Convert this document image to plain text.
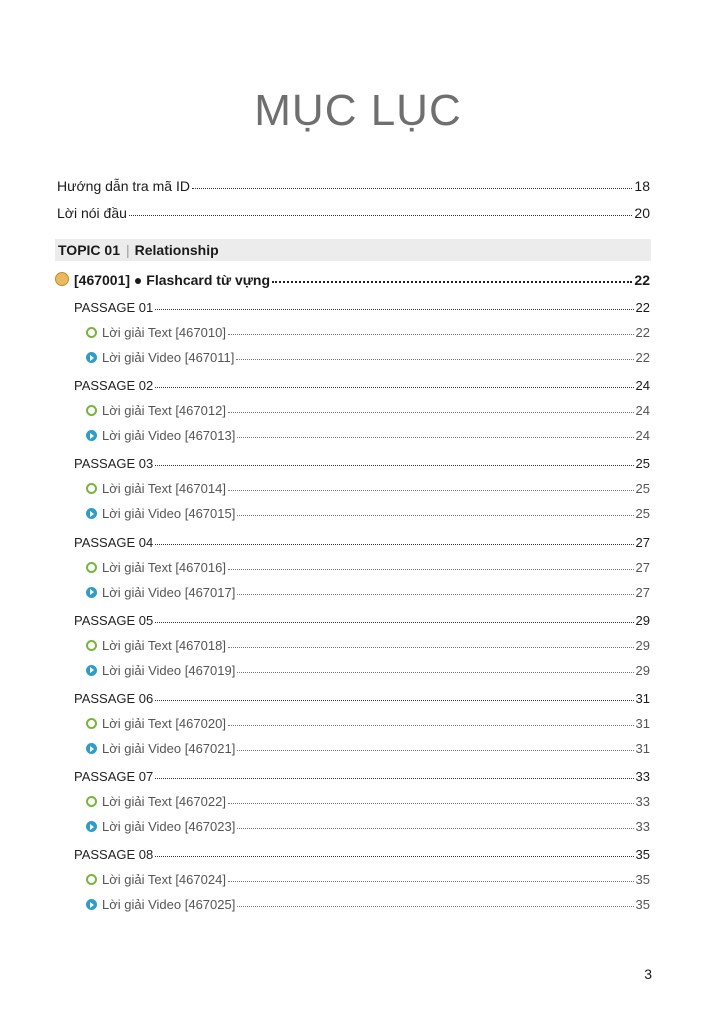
MỤC LỤC
Hướng dẫn tra mã ID	18
Lời nói đầu	20
TOPIC 01 | Relationship
[467001] ● Flashcard từ vựng	22
PASSAGE 01	22
Lời giải Text [467010]	22
Lời giải Video [467011]	22
PASSAGE 02	24
Lời giải Text [467012]	24
Lời giải Video [467013]	24
PASSAGE 03	25
Lời giải Text [467014]	25
Lời giải Video [467015]	25
PASSAGE 04	27
Lời giải Text [467016]	27
Lời giải Video [467017]	27
PASSAGE 05	29
Lời giải Text [467018]	29
Lời giải Video [467019]	29
PASSAGE 06	31
Lời giải Text [467020]	31
Lời giải Video [467021]	31
PASSAGE 07	33
Lời giải Text [467022]	33
Lời giải Video [467023]	33
PASSAGE 08	35
Lời giải Text [467024]	35
Lời giải Video [467025]	35
3
